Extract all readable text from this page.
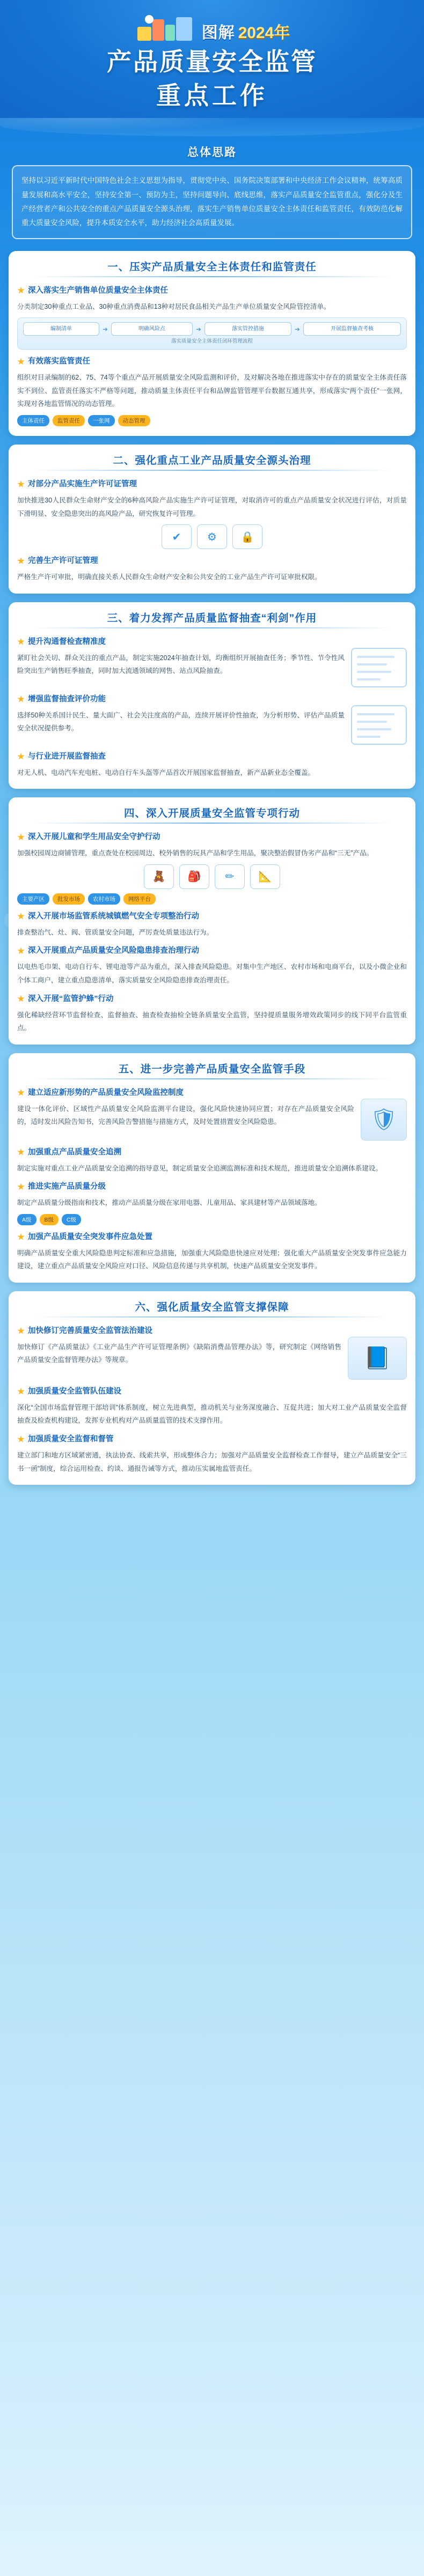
图解 2024年
产品质量安全监管
重点工作
总体思路
坚持以习近平新时代中国特色社会主义思想为指导，贯彻党中央、国务院决策部署和中央经济工作会议精神，统筹高质量发展和高水平安全，坚持安全第一、预防为主，坚持问题导向、底线思维，落实产品质量安全监管重点，强化分及生产经营者产和公共安全的重点产品质量安全源头治理，落实生产销售单位质量安全主体责任和监管责任，有效防范化解重大质量安全风险，提升本质安全水平，助力经济社会高质量发展。
一、压实产品质量安全主体责任和监管责任
深入落实生产销售单位质量安全主体责任
分类制定30种重点工业品、30种重点消费品和13种对居民食品相关产品生产单位质量安全风险管控清单。
编制清单	➜	明确风险点	➜	落实管控措施	➜	开展监督抽查考核
落实质量安全主体责任闭环管理流程
有效落实监管责任
组织对目录编制的62、75、74等个重点产品开展质量安全风险监测和评价，及对解决各地在推进落实中存在的质量安全主体责任落实不到位、监管责任落实不严格等问题，推动质量主体责任平台和品牌监管管理平台数据互通共享，形成落实“两个责任”一张网，实现对各地监管情况的动态管理。
主体责任	监管责任	一张网	动态管理
二、强化重点工业产品质量安全源头治理
对部分产品实施生产许可证管理
加快推进30人民群众生命财产安全的6种高风险产品实施生产许可证管理，对取消许可的重点产品质量安全状况进行评估，对质量下滑明显、安全隐患突出的高风险产品，研究恢复许可管理。
✔	⚙	🔒
完善生产许可证管理
严格生产许可审批，明确直接关系人民群众生命财产安全和公共安全的工业产品生产许可证审批权限。
三、着力发挥产品质量监督抽查“利剑”作用
提升沟通督检查精准度
紧盯社会关切、群众关注的重点产品，制定实施2024年抽查计划，均衡组织开展抽查任务；季节性、节令性风险突出生产销售旺季抽查，同时加大流通领域的网售、站点风险抽查。
增强监督抽查评价功能
选择50种关系国计民生、量大面广、社会关注度高的产品，连续开展评价性抽查，为分析形势、评估产品质量安全状况提供参考。
与行业进开展监督抽查
对无人机、电动汽车充电桩、电动自行车头盔等产品首次开展国家监督抽查，新产品新业态全覆盖。
四、深入开展质量安全监管专项行动
深入开展儿童和学生用品安全守护行动
加强校园周边商铺管理，重点查处在校园周边、校外销售的玩具产品和学生用品，聚决整治假冒伪劣产品和“三无”产品。
🧸	🎒	✏	📐
主要产区	批发市场	农村市场	网络平台
深入开展市场监管系统城镇燃气安全专项整治行动
排查整治气、灶、阀、管质量安全问题，严厉查处质量违法行为。
深入开展重点产品质量安全风险隐患排查治理行动
以电热毛巾架、电动自行车、锂电池等产品为重点，深入排查风险隐患。对集中生产地区、农村市场和电商平台，以及小微企业和个体工商户，建立重点隐患清单，落实质量安全风险隐患排查治理责任。
深入开展“监管护蜂”行动
强化稀缺经营环节监督检查、监督抽查、抽查检查抽检全链条质量安全监管，坚持提质量服务增效政策同步的线下同平台监管重点。
五、进一步完善产品质量安全监管手段
建立适应新形势的产品质量安全风险监控制度
建设一体化评价、区域性产品质量安全风险监测平台建设，强化风险快速协同应置；对存在产品质量安全风险的，适时发出风险告知书，完善风险告警措施与措施方式，及时处置措置安全风险隐患。	🛡
加强重点产品质量安全追溯
制定实施对重点工业产品质量安全追溯的指导意见，制定质量安全追溯监测标准和技术规范，推进质量安全追溯体系建设。
推进实施产品质量分级
制定产品质量分级指南和技术，推动产品质量分级在家用电器、儿童用品、家具建材等产品领域落地。
A级	B级	C级
加强产品质量安全突发事件应急处置
明确产品质量安全重大风险隐患判定标准和应急措施，加强重大风险隐患快速应对处理；强化重大产品质量安全突发事件应急能力建设，建立重点产品质量安全风险应对口径、风险信息传递与共享机制，快速产品质量安全突发事件。
六、强化质量安全监管支撑保障
加快修订完善质量安全监管法治建设
加快修订《产品质量法》《工业产品生产许可证管理条例》《缺陷消费品管理办法》等，研究制定《网络销售产品质量安全监督管理办法》等规章。	📘
加强质量安全监管队伍建设
深化“全国市场监督管理干部培训”体系制度，树立先进典型，推动机关与业务深度融合、互促共进；加大对工业产品质量安全监督抽查及检查机构建设，发挥专业机构对产品质量监管的技术支撑作用。
加强质量安全监督和督管
建立部门和地方区域紧密通，执法协查、线索共享，形成整体合力；加强对产品质量安全监督检查工作督导，建立产品质量安全“三书一函”制度，综合运用检查、约谈、通报告诫等方式，推动压实属地监管责任。
